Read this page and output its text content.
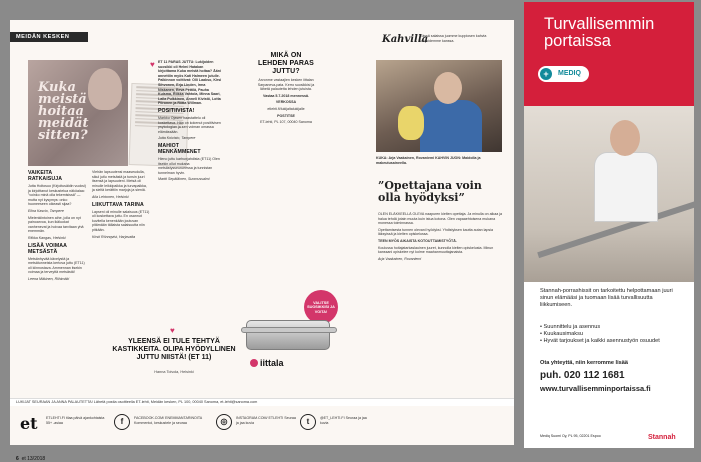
MEIDÄN KESKEN
Kuka meistä hoitaa meidät sitten?

VAIKEITA RATKAISUJA

Jutta Holtosuo (Kirjoitusäidin vuoksi) ja kirjoittanut keskustelua näköalaa: ”voinko minä olla tekemisissä” — mutta nyt kysymys: onko huoneeseen oikeasti sijaa?

Elina Kasvio, Tampere

Mielenkiintoinen aihe, jolla on nyt painoarvoa, kun ikäluokat vanhenevat ja hoivaa tarvitaan yhä enemmän.

Riikka Kangas, Helsinki

LISÄÄ VOIMAA METSÄSTÄ

Metsänhyvää kävelystä ja metsätunneista kertova juttu (ET11) oli kiinnostava. Ammennan itsekin voimaa ja terveyttä metsästä!

Leena Mäkinen, Riihimäki

Viehän lapsuutensi maaseudulla, sikul jutlu metsästä ja tunsin juuri itsensä ja lapsuuteni. Metsä oli minulle leikkipaikka ja turvapaikka, ja sieltä kerättiin marjoja ja sieniä.

Aila Lehtonen, Helsinki

LIIKUTTAVA TARINA

Lapseni oli minulle salaisuus (ET11) oli koskettava juttu. En osannut kuvitella kenenkään joutuvan pitämään tällaista salaisuutta niin pitkään.

Kirsti Rönnqvist, Harjavalta

♥ ET 11 PARAS JUTTU: Lukijoiden suosikki oli Helmi Hatakan kirjoittama Kuka meistä hoitaa? Ääni annettiin myös Kati Halmeen jutulle. Palkinnon voittivat: Olli Laakso, Kirsi Sihvonen, Erja Linden, Irma Niskanen, Eeva Pettilä, Pauha Kuisma, Riikka Vahtola, Minna Saari, Laila Pulkkinen, Anneli Kivistö, Lotta Piironen ja Riitta Willman.

POSITIIVISTA!

Markku Ojasen haastattelu oli koskettava. Hän on kokenut positiivisen psykologian ja sen voiman omassa elämässään.

Jutta Koivisto, Tampere

MAHIOT MENKÄMMENET

Hieno juttu karhunjahdista (ET11) Olen itsekin ollut mukana metsästysseurueessa ja tunnistan tunnelman hyvin.

Martti Sepäläinen, Suomussalmi

MIKÄ ON LEHDEN PARAS JUTTU?

Arvonme vastaajien kesken iittalan Sarpaneva-pata. Kerro suosikkisi ja lähetä palautetta lehden jutuista.

Vastaa 5.7.2018 mennessä.

VERKOSSA

etlehti.fi/lukijaltalukijalle

POSTITSE

ET-lehti, PL 107, 00040 Sanoma

VALITSE SUOSIKKISI JA VOITA!
iittala
♥
YLEENSÄ EI TULE TEHTYÄ KASTIKKEITA. OLIPA HYÖDYLLINEN JUTTU NIISTÄ! (ET 11)
Hanna Toivola, Helsinki
Kahvilla
Tässä salaissa juomme kuppiosen kahvia lukijoidemme kanssa.
KUKA: Arja Vaakainen, Rovaniemi KAHVIN JUON: Maidolla ja makeutusaineella.
”Opettajana voin olla hyödyksi”

OLEN ELÄKKEELLÄ OLEVA naapuren kielten opettaja. Ja minulla on aikaa ja halua tehdä jotain muuta kuin istua kotona. Olen vapaaehtoisena mukana monessa toiminnassa.

Opettamisesta tunnen olevani hyödyksi. Yhdistyksen kautta autan lapsia läksyissä ja kielten opiskelussa.

TEEN MYÖS AIKAISTA KOTOUTTAMISTYÖTÄ.

Koulussa hoitajatarkaslauinen juuret, kunnolla kielten opiskelusta. Minun kanssani opiskelee nyt kolme maahanmuuttajanaista.

Arja Vaakainen, Rovaniemi

LUKIJAT SEURAAN JA ANNA PALAUTETTA! Lähetä postia osoitteella ET-lehti, Meidän kesken, PL 100, 00040 Sanoma, et-lehti@sanoma.com
et ETLEHTI.FI tilaa päivä ajankohtaista 55+ -asiaa	f	FACEBOOK.COM/ ENEMMANTARINOITA Kommentoi, keskustele ja seuraa	◎	INSTAGRAM.COM/ ETLEHTI Seuraa ja jaa kuvia	t	@ET_LEHTI.FI Seuraa ja jaa kuvia
6 et 13/2018
Turvallisemmin portaissa
+	MEDIQ
Stannah-porrashissit on tarkoitettu helpottamaan juuri sinun elämääsi ja tuomaan lisää turvallisuutta liikkumiseen.
• Suunnittelu ja asennus
• Kuukausimaksu
• Hyvät tarjoukset ja kaikki asennustyön osuudet
Ota yhteyttä, niin kerromme lisää
puh. 020 112 1681
www.turvallisemminportaissa.fi
Mediq Suomi Oy, PL 95, 02201 Espoo	Stannah
